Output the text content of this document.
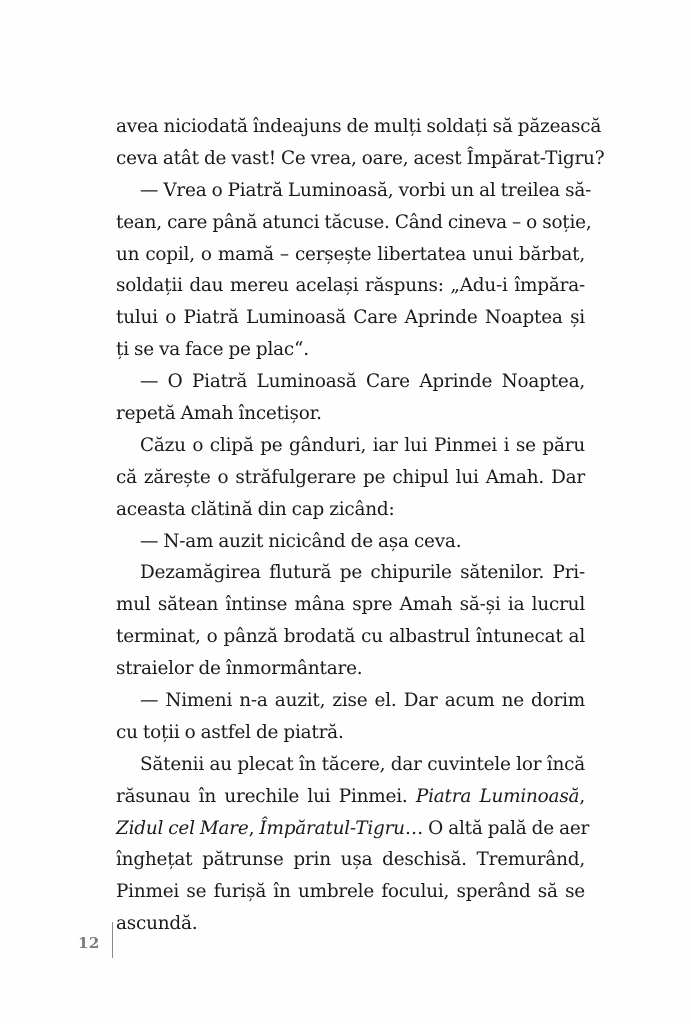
avea niciodată îndeajuns de mulți soldați să păzească
ceva atât de vast! Ce vrea, oare, acest Împărat-Tigru?
— Vrea o Piatră Luminoasă, vorbi un al treilea să-
tean, care până atunci tăcuse. Când cineva – o soție,
un copil, o mamă – cerșește libertatea unui bărbat,
soldații dau mereu același răspuns: „Adu-i împăra-
tului o Piatră Luminoasă Care Aprinde Noaptea și
ți se va face pe plac“.
— O Piatră Luminoasă Care Aprinde Noaptea,
repetă Amah încetișor.
Căzu o clipă pe gânduri, iar lui Pinmei i se păru
că zărește o străfulgerare pe chipul lui Amah. Dar
aceasta clătină din cap zicând:
— N-am auzit nicicând de așa ceva.
Dezamăgirea flutură pe chipurile sătenilor. Pri-
mul sătean întinse mâna spre Amah să-și ia lucrul
terminat, o pânză brodată cu albastrul întunecat al
straielor de înmormântare.
— Nimeni n-a auzit, zise el. Dar acum ne dorim
cu toții o astfel de piatră.
Sătenii au plecat în tăcere, dar cuvintele lor încă
răsunau în urechile lui Pinmei. Piatra Luminoasă,
Zidul cel Mare, Împăratul-Tigru… O altă pală de aer
înghețat pătrunse prin ușa deschisă. Tremurând,
Pinmei se furișă în umbrele focului, sperând să se
ascundă.
12
